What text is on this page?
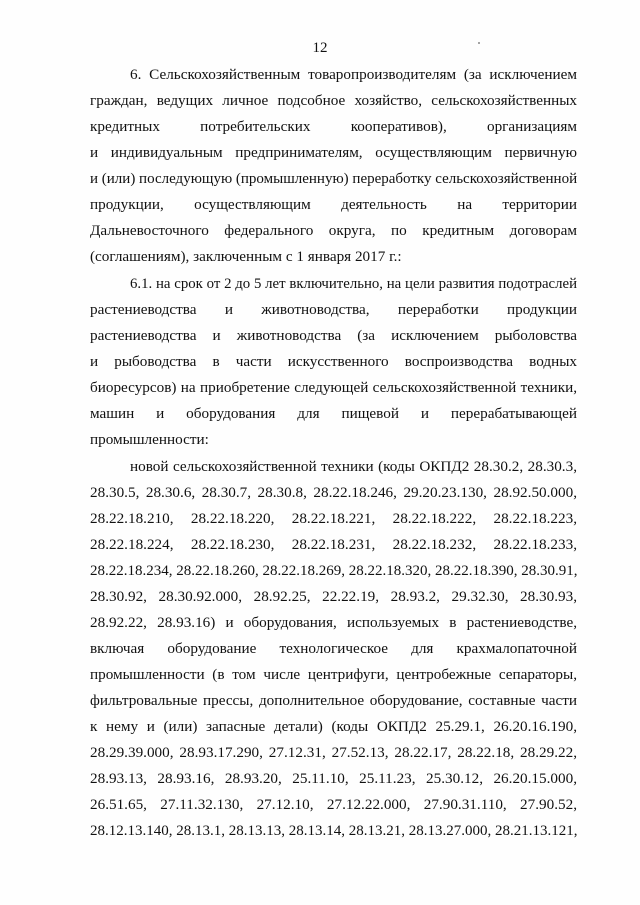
12
6. Сельскохозяйственным товаропроизводителям (за исключением
граждан, ведущих личное подсобное хозяйство, сельскохозяйственных
кредитных потребительских кооперативов), организациям
и индивидуальным предпринимателям, осуществляющим первичную
и (или) последующую (промышленную) переработку сельскохозяйственной
продукции, осуществляющим деятельность на территории
Дальневосточного федерального округа, по кредитным договорам
(соглашениям), заключенным с 1 января 2017 г.:
6.1. на срок от 2 до 5 лет включительно, на цели развития подотраслей
растениеводства и животноводства, переработки продукции
растениеводства и животноводства (за исключением рыболовства
и рыбоводства в части искусственного воспроизводства водных
биоресурсов) на приобретение следующей сельскохозяйственной техники,
машин и оборудования для пищевой и перерабатывающей
промышленности:
новой сельскохозяйственной техники (коды ОКПД2 28.30.2, 28.30.3,
28.30.5, 28.30.6, 28.30.7, 28.30.8, 28.22.18.246, 29.20.23.130, 28.92.50.000,
28.22.18.210, 28.22.18.220, 28.22.18.221, 28.22.18.222, 28.22.18.223,
28.22.18.224, 28.22.18.230, 28.22.18.231, 28.22.18.232, 28.22.18.233,
28.22.18.234, 28.22.18.260, 28.22.18.269, 28.22.18.320, 28.22.18.390, 28.30.91,
28.30.92, 28.30.92.000, 28.92.25, 22.22.19, 28.93.2, 29.32.30, 28.30.93,
28.92.22, 28.93.16) и оборудования, используемых в растениеводстве,
включая оборудование технологическое для крахмалопаточной
промышленности (в том числе центрифуги, центробежные сепараторы,
фильтровальные прессы, дополнительное оборудование, составные части
к нему и (или) запасные детали) (коды ОКПД2 25.29.1, 26.20.16.190,
28.29.39.000, 28.93.17.290, 27.12.31, 27.52.13, 28.22.17, 28.22.18, 28.29.22,
28.93.13, 28.93.16, 28.93.20, 25.11.10, 25.11.23, 25.30.12, 26.20.15.000,
26.51.65, 27.11.32.130, 27.12.10, 27.12.22.000, 27.90.31.110, 27.90.52,
28.12.13.140, 28.13.1, 28.13.13, 28.13.14, 28.13.21, 28.13.27.000, 28.21.13.121,
